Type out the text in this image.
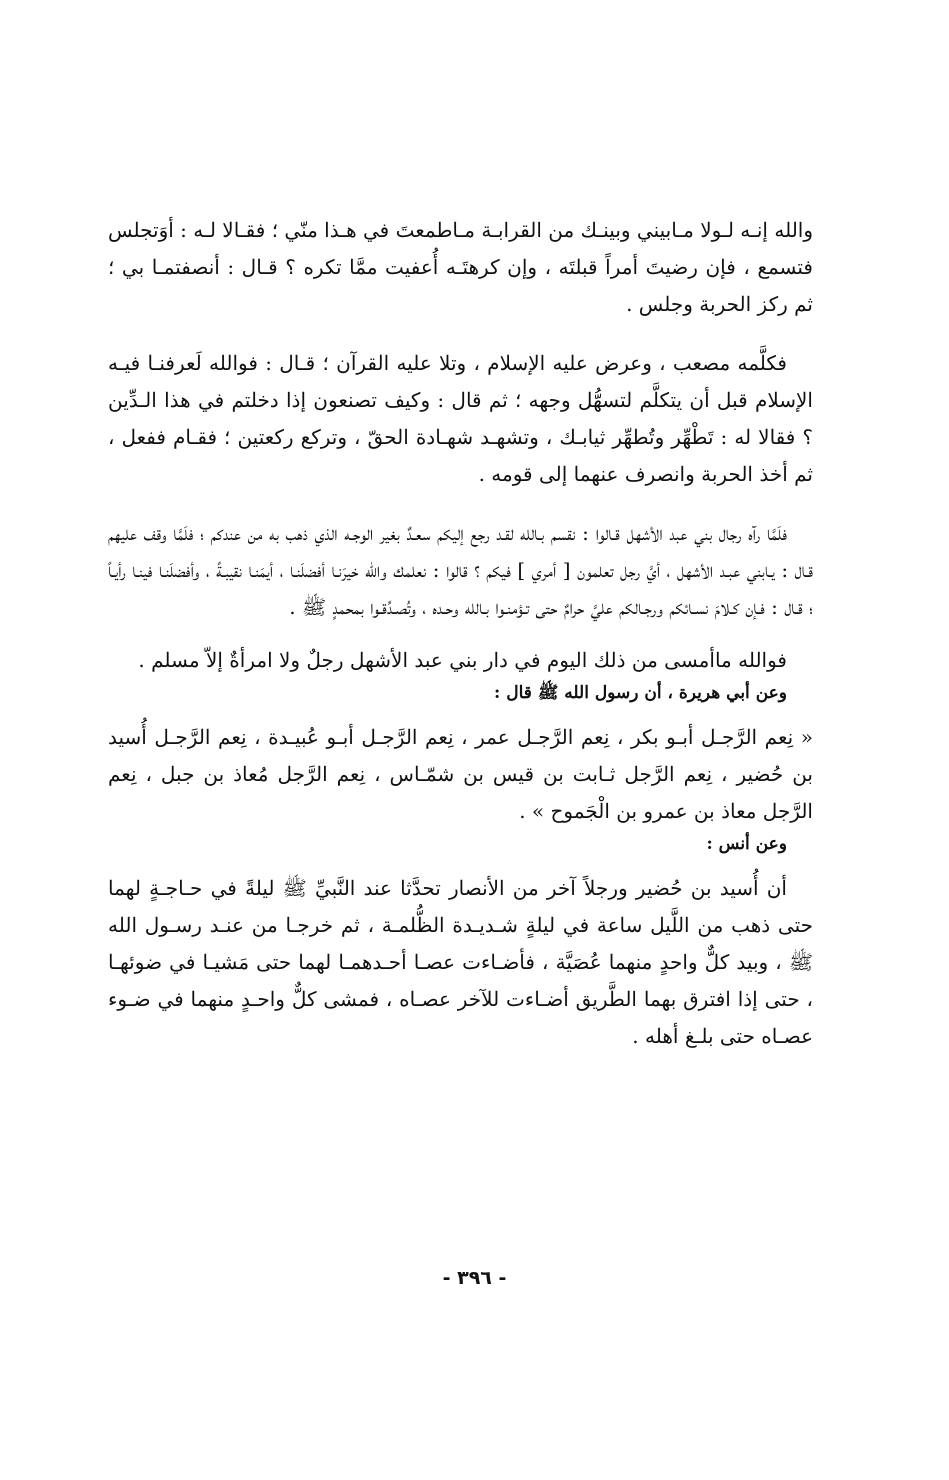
والله إنـه لـولا مـابيني وبينـك من القرابـة مـاطمعتَ في هـذا منّي ؛ فقـالا لـه : أوَتجلس فتسمع ، فإن رضيتَ أمراً قبلتَه ، وإن كرهتَـه أُعفيت ممَّا تكره ؟ قـال : أنصفتمـا بي ؛ ثم ركز الحربة وجلس .

فكلَّمه مصعب ، وعرض عليه الإسلام ، وتلا عليه القرآن ؛ قـال : فوالله لَعرفنـا فيـه الإسلام قبل أن يتكلَّم لتسهُّل وجهه ؛ ثم قال : وكيف تصنعون إذا دخلتم في هذا الـدِّين ؟ فقالا له : تَطْهِّر وتُطهِّر ثيابـك ، وتشهـد شهـادة الحقّ ، وتركع ركعتين ؛ فقـام ففعل ، ثم أخذ الحربة وانصرف عنهما إلى قومه .

فلَمَّا رآه رجال بني عبد الأشهل قـالوا : نقسم بـالله لقـد رجع إليكم سعـدٌ بغير الوجـه الذي ذهب به من عندكم ؛ فلَمَّا وقف عليهم قـال : يـابني عبـد الأشهل ، أيَّ رجل تعلمون [ أمري ] فيكم ؟ قالوا : نعلمك والله خيرَنـا أفضلَنـا ، أيمَنـا نقيبـةً ، وأفضلَنـا فينـا رأيـاً ؛ قـال : فـإن كـلامَ نسـائكم ورجـالكم عليَّ حرامٌ حتى تـؤمنـوا بـالله وحـده ، وتُصـدِّقـوا بمحمدٍ ﷺ .

فوالله ماأمسى من ذلك اليوم في دار بني عبد الأشهل رجلٌ ولا امرأةٌ إلاّ مسلم .

وعن أبي هريرة ، أن رسول الله ﷺ قال :

« نِعم الرَّجـل أبـو بكر ، نِعم الرَّجـل عمر ، نِعم الرَّجـل أبـو عُبيـدة ، نِعم الرَّجـل أُسيد بن حُضير ، نِعم الرَّجل ثـابت بن قيس بن شمّـاس ، نِعم الرَّجل مُعاذ بن جبل ، نِعم الرَّجل معاذ بن عمرو بن الْجَموح » .

وعن أنس :

أن أُسيد بن حُضير ورجلاً آخر من الأنصار تحدَّثا عند النَّبيِّ ﷺ ليلةً في حـاجـةٍ لهما حتى ذهب من اللَّيل ساعة في ليلةٍ شـديـدة الظُّلمـة ، ثم خرجـا من عنـد رسـول الله ﷺ ، وبيد كلٌّ واحدٍ منهما عُصَيَّة ، فأضـاءت عصـا أحـدهمـا لهما حتى مَشيـا في ضوئهـا ، حتى إذا افترق بهما الطَّريق أضـاءت للآخر عصـاه ، فمشى كلٌّ واحـدٍ منهما في ضـوء عصـاه حتى بلـغ أهله .

- ٣٩٦ -
